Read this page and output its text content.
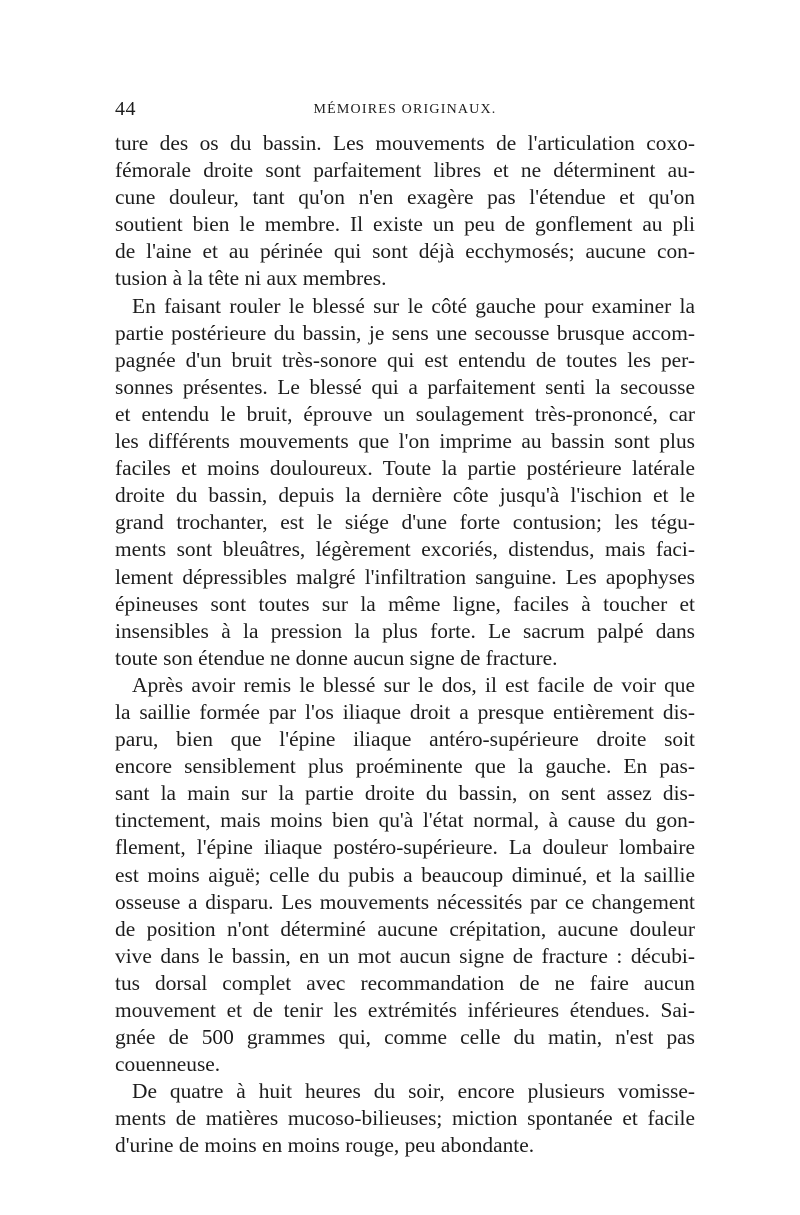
44	MÉMOIRES ORIGINAUX.
ture des os du bassin. Les mouvements de l'articulation coxo-
fémorale droite sont parfaitement libres et ne déterminent au-
cune douleur, tant qu'on n'en exagère pas l'étendue et qu'on
soutient bien le membre. Il existe un peu de gonflement au pli
de l'aine et au périnée qui sont déjà ecchymosés; aucune con-
tusion à la tête ni aux membres.
En faisant rouler le blessé sur le côté gauche pour examiner la
partie postérieure du bassin, je sens une secousse brusque accom-
pagnée d'un bruit très-sonore qui est entendu de toutes les per-
sonnes présentes. Le blessé qui a parfaitement senti la secousse
et entendu le bruit, éprouve un soulagement très-prononcé, car
les différents mouvements que l'on imprime au bassin sont plus
faciles et moins douloureux. Toute la partie postérieure latérale
droite du bassin, depuis la dernière côte jusqu'à l'ischion et le
grand trochanter, est le siége d'une forte contusion; les tégu-
ments sont bleuâtres, légèrement excoriés, distendus, mais faci-
lement dépressibles malgré l'infiltration sanguine. Les apophyses
épineuses sont toutes sur la même ligne, faciles à toucher et
insensibles à la pression la plus forte. Le sacrum palpé dans
toute son étendue ne donne aucun signe de fracture.
Après avoir remis le blessé sur le dos, il est facile de voir que
la saillie formée par l'os iliaque droit a presque entièrement dis-
paru, bien que l'épine iliaque antéro-supérieure droite soit
encore sensiblement plus proéminente que la gauche. En pas-
sant la main sur la partie droite du bassin, on sent assez dis-
tinctement, mais moins bien qu'à l'état normal, à cause du gon-
flement, l'épine iliaque postéro-supérieure. La douleur lombaire
est moins aiguë; celle du pubis a beaucoup diminué, et la saillie
osseuse a disparu. Les mouvements nécessités par ce changement
de position n'ont déterminé aucune crépitation, aucune douleur
vive dans le bassin, en un mot aucun signe de fracture : décubi-
tus dorsal complet avec recommandation de ne faire aucun
mouvement et de tenir les extrémités inférieures étendues. Sai-
gnée de 500 grammes qui, comme celle du matin, n'est pas
couenneuse.
De quatre à huit heures du soir, encore plusieurs vomisse-
ments de matières mucoso-bilieuses; miction spontanée et facile
d'urine de moins en moins rouge, peu abondante.
